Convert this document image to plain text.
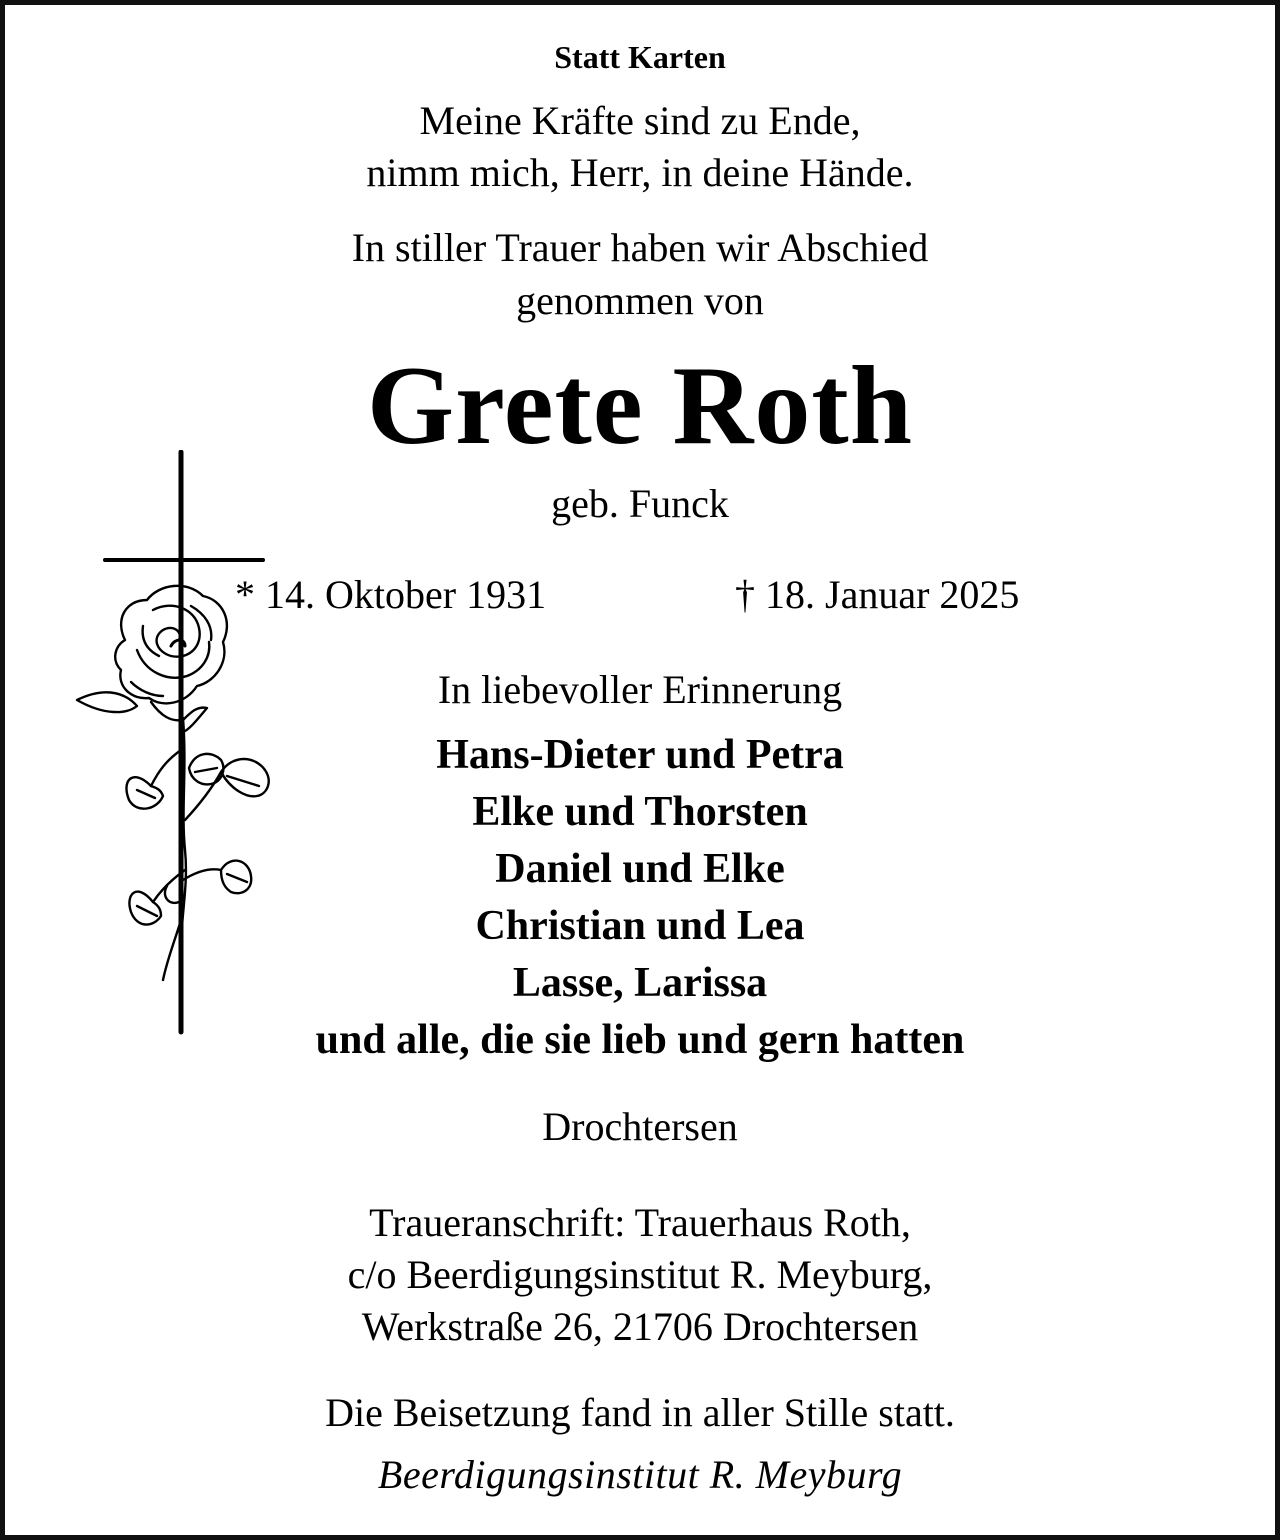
Statt Karten
Meine Kräfte sind zu Ende,
nimm mich, Herr, in deine Hände.
In stiller Trauer haben wir Abschied
genommen von
Grete Roth
geb. Funck
* 14. Oktober 1931	† 18. Januar 2025
In liebevoller Erinnerung
Hans-Dieter und Petra
Elke und Thorsten
Daniel und Elke
Christian und Lea
Lasse, Larissa
und alle, die sie lieb und gern hatten
Drochtersen
Traueranschrift: Trauerhaus Roth,
c/o Beerdigungsinstitut R. Meyburg,
Werkstraße 26, 21706 Drochtersen
Die Beisetzung fand in aller Stille statt.
Beerdigungsinstitut R. Meyburg
